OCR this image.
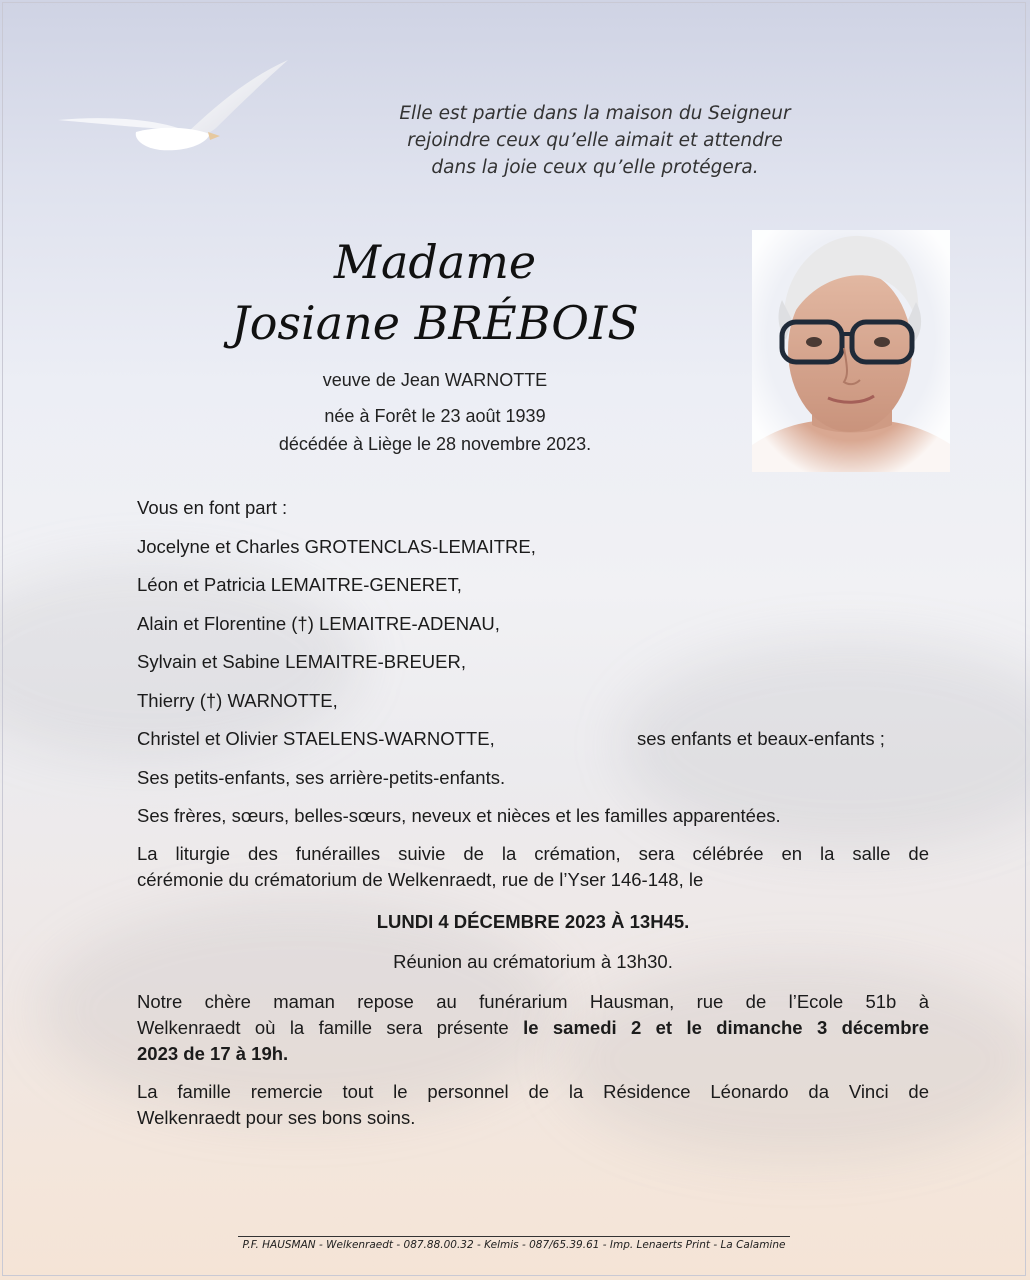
Elle est partie dans la maison du Seigneur
rejoindre ceux qu’elle aimait et attendre
dans la joie ceux qu’elle protégera.
Madame
Josiane BRÉBOIS
veuve de Jean WARNOTTE
née à Forêt le 23 août 1939
décédée à Liège le 28 novembre 2023.
Vous en font part :
Jocelyne et Charles GROTENCLAS-LEMAITRE,
Léon et Patricia LEMAITRE-GENERET,
Alain et Florentine (†) LEMAITRE-ADENAU,
Sylvain et Sabine LEMAITRE-BREUER,
Thierry (†) WARNOTTE,
Christel et Olivier STAELENS-WARNOTTE,	ses enfants et beaux-enfants ;
Ses petits-enfants, ses arrière-petits-enfants.
Ses frères, sœurs, belles-sœurs, neveux et nièces et les familles apparentées.
La liturgie des funérailles suivie de la crémation, sera célébrée en la salle de
cérémonie du crématorium de Welkenraedt, rue de l’Yser 146-148, le
LUNDI 4 DÉCEMBRE 2023 À 13H45.
Réunion au crématorium à 13h30.
Notre chère maman repose au funérarium Hausman, rue de l’Ecole 51b à
Welkenraedt où la famille sera présente le samedi 2 et le dimanche 3 décembre
2023 de 17 à 19h.
La famille remercie tout le personnel de la Résidence Léonardo da Vinci de
Welkenraedt pour ses bons soins.
P.F. HAUSMAN - Welkenraedt - 087.88.00.32 - Kelmis - 087/65.39.61 - Imp. Lenaerts Print - La Calamine
